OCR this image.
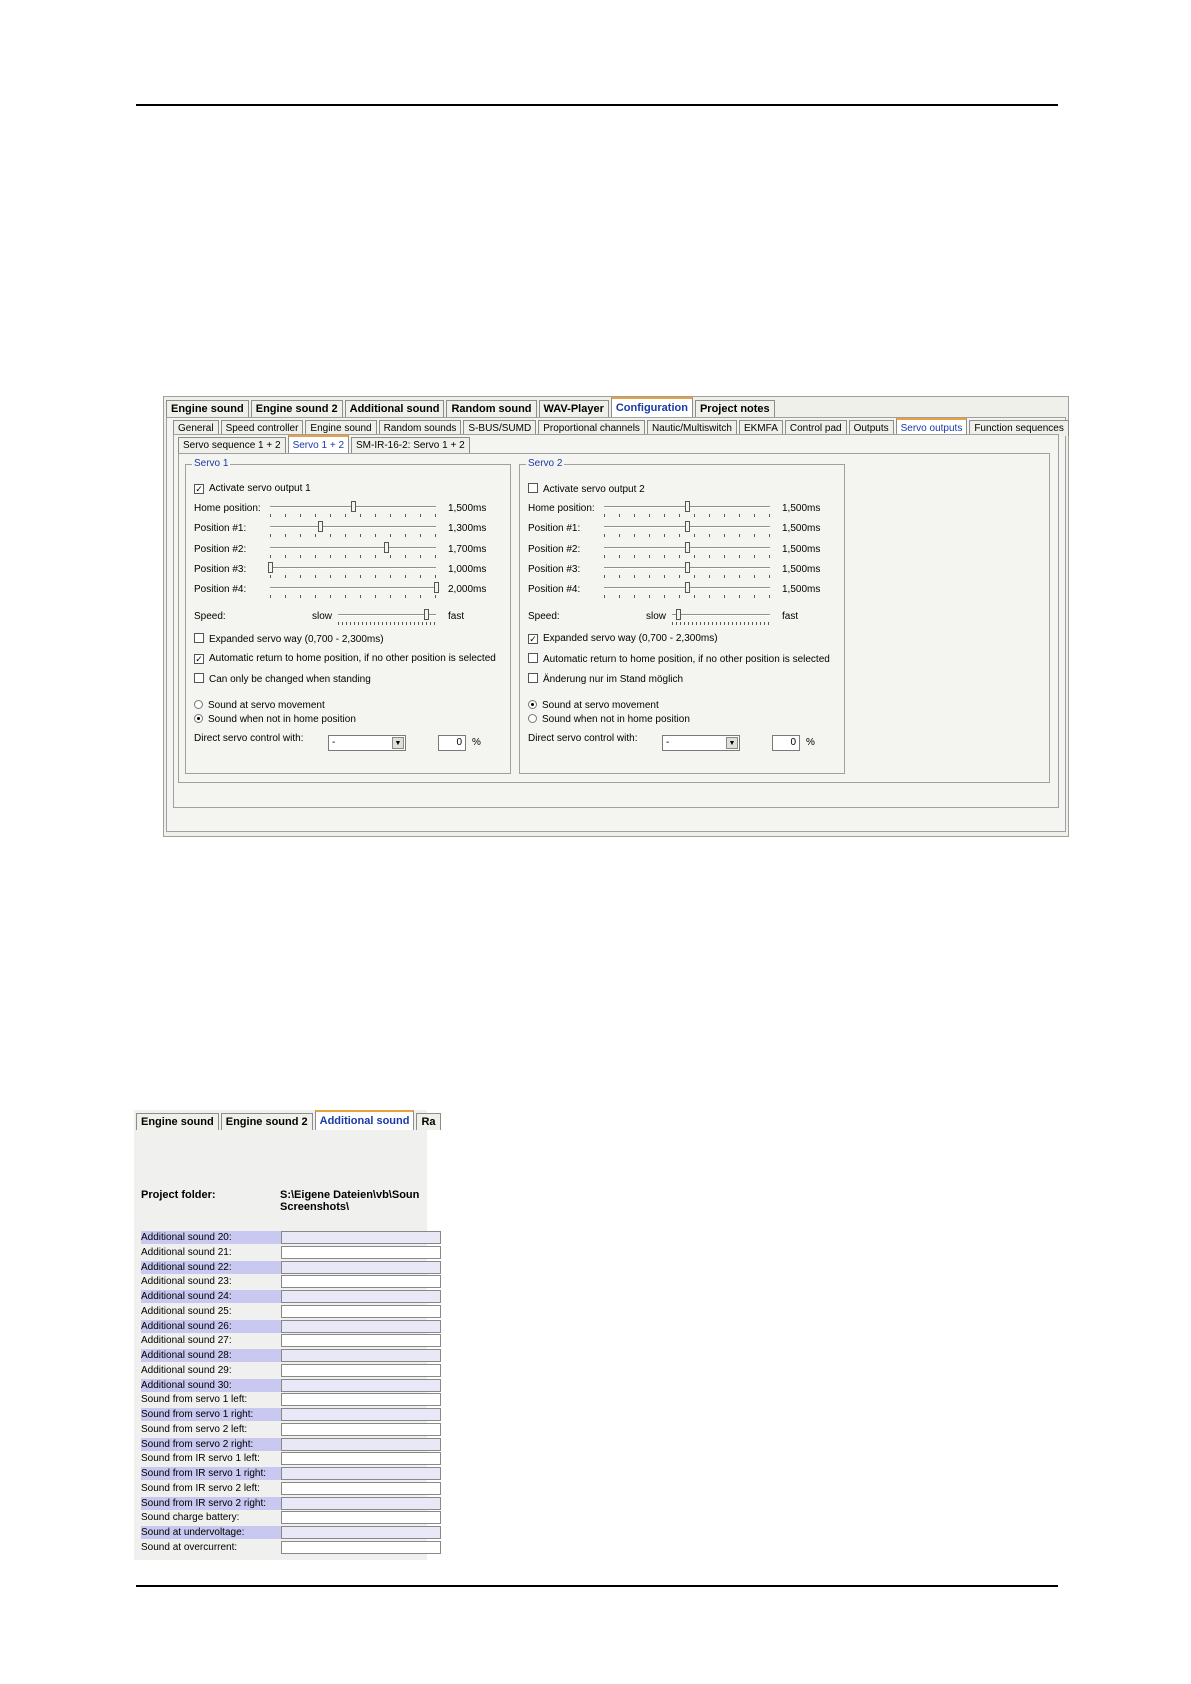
Engine sound	Engine sound 2	Additional sound	Random sound	WAV-Player	Configuration	Project notes
General	Speed controller	Engine sound	Random sounds	S-BUS/SUMD	Proportional channels	Nautic/Multiswitch	EKMFA	Control pad	Outputs	Servo outputs	Function sequences
Servo sequence 1 + 2	Servo 1 + 2	SM-IR-16-2: Servo 1 + 2
Servo 1
✓ Activate servo output 1
Home position:	1,500ms
Position #1:	1,300ms
Position #2:	1,700ms
Position #3:	1,000ms
Position #4:	2,000ms
Speed:	slow	fast
Expanded servo way (0,700 - 2,300ms)
✓ Automatic return to home position, if no other position is selected
Can only be changed when standing
Sound at servo movement
Sound when not in home position
Direct servo control with:	-	▼	0	%
Servo 2
Activate servo output 2
Home position:	1,500ms
Position #1:	1,500ms
Position #2:	1,500ms
Position #3:	1,500ms
Position #4:	1,500ms
Speed:	slow	fast
✓ Expanded servo way (0,700 - 2,300ms)
Automatic return to home position, if no other position is selected
Änderung nur im Stand möglich
Sound at servo movement
Sound when not in home position
Direct servo control with:	-	▼	0	%
Engine sound	Engine sound 2	Additional sound	Ra
Project folder:	S:\Eigene Dateien\vb\Soun
Screenshots\
Additional sound 20:
Additional sound 21:
Additional sound 22:
Additional sound 23:
Additional sound 24:
Additional sound 25:
Additional sound 26:
Additional sound 27:
Additional sound 28:
Additional sound 29:
Additional sound 30:
Sound from servo 1 left:
Sound from servo 1 right:
Sound from servo 2 left:
Sound from servo 2 right:
Sound from IR servo 1 left:
Sound from IR servo 1 right:
Sound from IR servo 2 left:
Sound from IR servo 2 right:
Sound charge battery:
Sound at undervoltage:
Sound at overcurrent:
